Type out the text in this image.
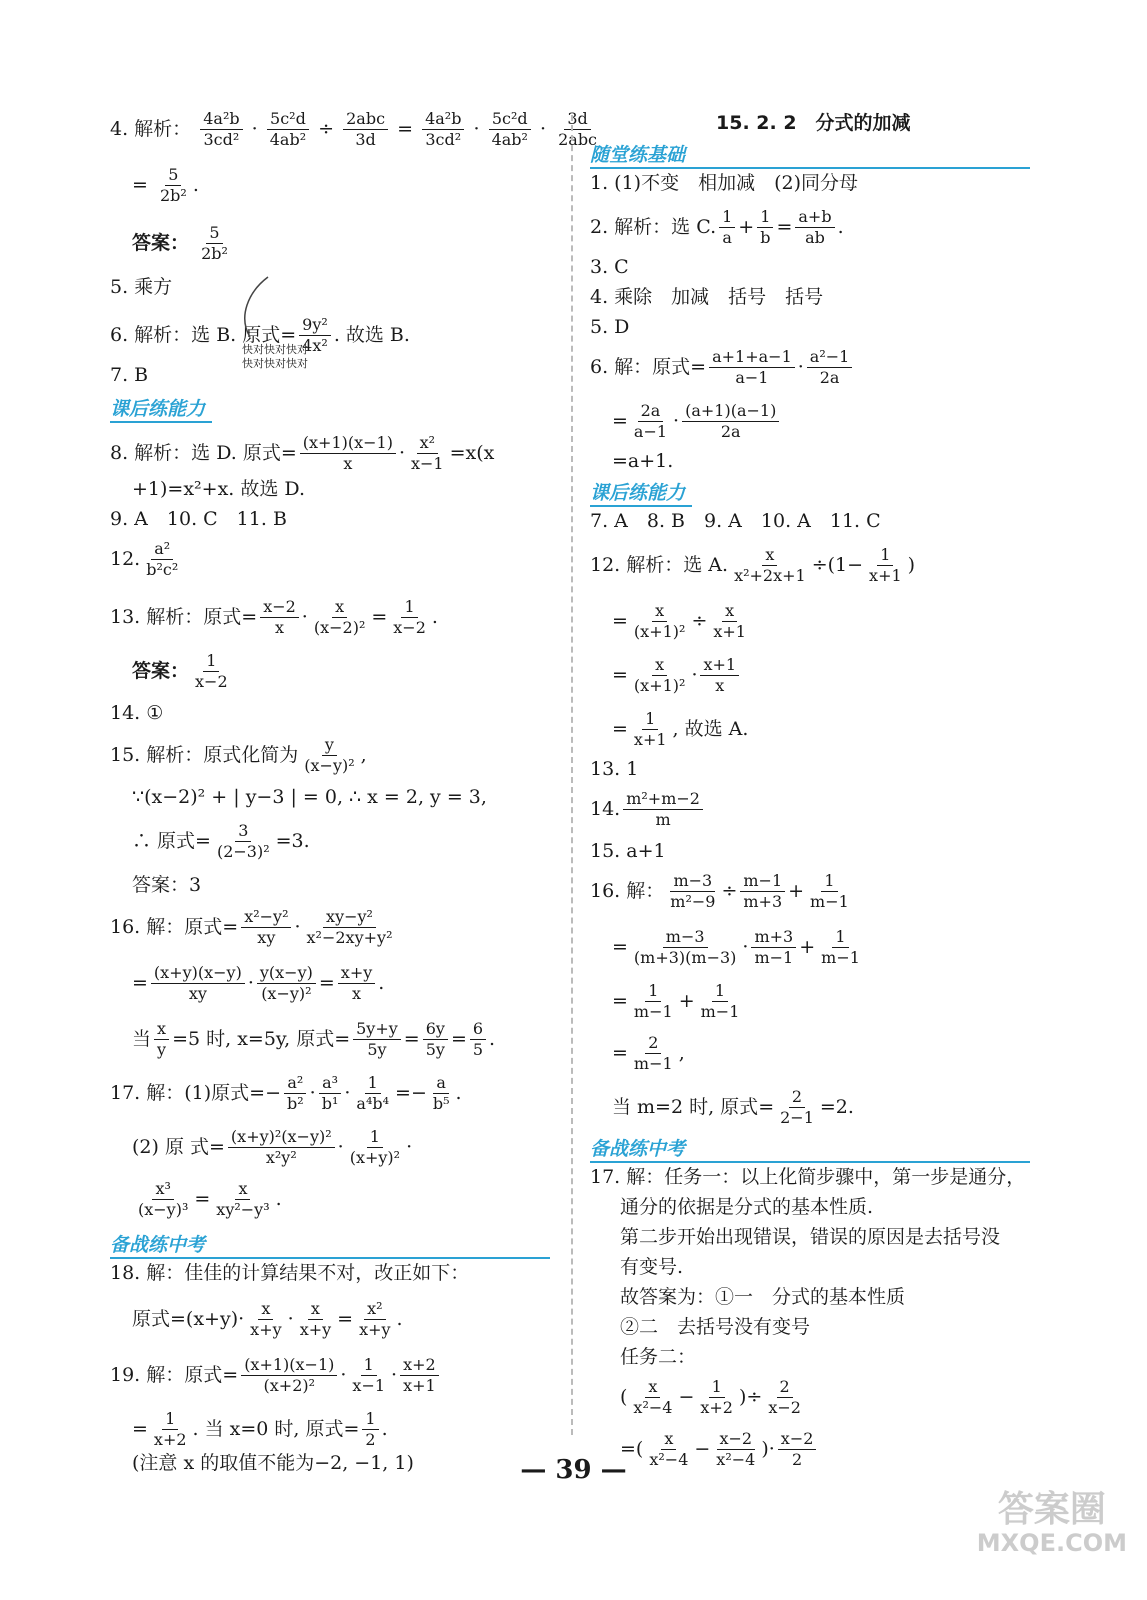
4. 解析： $\frac{\text{4a²b}}{\text{3cd²}} \cdot \frac{\text{5c²d}}{\text{4ab²}} \div \frac{\text{2abc}}{3d} = \frac{\text{4a²b}}{\text{3cd²}} \cdot \frac{\text{5c²d}}{\text{4ab²}} \cdot \frac{3d}{\text{2abc}}$
= $\frac{5}{\text{2b²}}$ .
答案： $\frac{5}{\text{2b²}}$
5. 乘方
6. 解析：选 B. 原式= $\frac{\text{9y²}}{\text{4x²}}$ . 故选 B.
快对快对快对
快对快对快对
7. B
课后练能力
8. 解析：选 D. 原式= $\frac{(x+1)(x-1)}{x} \cdot \frac{\text{x²}}{x-1} =x(x$
+1)=x²+x. 故选 D.
9. A　10. C　11. B
12. $\frac{\text{a²}}{\text{b²c²}}$
13. 解析：原式= $\frac{x-2}{x} \cdot \frac{x}{\text{(x−2)²}} = \frac{1}{x-2}$ .
答案： $\frac{1}{x-2}$
14. ①
15. 解析：原式化简为 $\frac{y}{\text{(x−y)²}}$ ,
∵(x−2)² + | y−3 | = 0, ∴ x = 2, y = 3,
∴ 原式= $\frac{3}{\text{(2−3)²}} =3$.
答案：3
16. 解：原式= $\frac{\text{x²−y²}}{xy} \cdot \frac{\text{xy−y²}}{\text{x²−2xy+y²}}$
= $\frac{(x+y)(x-y)}{xy} \cdot \frac{y(x-y)}{\text{(x−y)²}} = \frac{x+y}{x}$ .
当 $\frac{x}{y} =5$ 时, x=5y, 原式= $\frac{5y+y}{5y} = \frac{6y}{5y} = \frac{6}{5}$ .
17. 解：(1)原式=− $\frac{\text{a²}}{\text{b²}} \cdot \frac{\text{a³}}{\text{b¹}} \cdot \frac{1}{\text{a⁴b⁴}} =- \frac{a}{\text{b⁵}}$ .
(2) 原 式= $\frac{\text{(x+y)²(x−y)²}}{\text{x²y²}} \cdot \frac{1}{\text{(x+y)²}}$ ·
$\frac{\text{x³}}{\text{(x−y)³}} = \frac{x}{\text{xy²−y³}}$ .
备战练中考
18. 解：佳佳的计算结果不对，改正如下：
原式$=(x+y)\cdot \frac{x}{x+y} \cdot \frac{x}{x+y} = \frac{\text{x²}}{x+y}$ .
19. 解：原式= $\frac{(x+1)(x-1)}{\text{(x+2)²}} \cdot \frac{1}{x-1} \cdot \frac{x+2}{x+1}$
= $\frac{1}{x+2}$ . 当 x=0 时, 原式= $\frac{1}{2}$ .
(注意 x 的取值不能为−2, −1, 1)
15. 2. 2　分式的加减
随堂练基础
1. (1)不变　相加减　(2)同分母
2. 解析：选 C. $\frac{1}{a} + \frac{1}{b} = \frac{a+b}{ab}$ .
3. C
4. 乘除　加减　括号　括号
5. D
6. 解：原式= $\frac{a+1+a-1}{a-1} \cdot \frac{\text{a²−1}}{2a}$
= $\frac{2a}{a-1} \cdot \frac{(a+1)(a-1)}{2a}$
=a+1.
课后练能力
7. A　8. B　9. A　10. A　11. C
12. 解析：选 A. $\frac{x}{\text{x²+2x+1}} \div(1- \frac{1}{x+1}$ )
= $\frac{x}{\text{(x+1)²}} \div \frac{x}{x+1}$
= $\frac{x}{\text{(x+1)²}} \cdot \frac{x+1}{x}$
= $\frac{1}{x+1}$ , 故选 A.
13. 1
14. $\frac{\text{m²+m−2}}{m}$
15. a+1
16. 解： $\frac{m-3}{\text{m²−9}} \div \frac{m-1}{m+3} + \frac{1}{m-1}$
= $\frac{m-3}{(m+3)(m-3)} \cdot \frac{m+3}{m-1} + \frac{1}{m-1}$
= $\frac{1}{m-1} + \frac{1}{m-1}$
= $\frac{2}{m-1}$ ,
当 m=2 时, 原式= $\frac{2}{2-1} =2$.
备战练中考
17. 解：任务一：以上化简步骤中，第一步是通分，
通分的依据是分式的基本性质.
第二步开始出现错误，错误的原因是去括号没
有变号.
故答案为：①一　分式的基本性质
②二　去括号没有变号
任务二：
( $\frac{x}{\text{x²−4}} - \frac{1}{x+2}$ )÷ $\frac{2}{x-2}$
=( $\frac{x}{\text{x²−4}} - \frac{x-2}{\text{x²−4}}$ )· $\frac{x-2}{2}$
— 39 —
答案圈
MXQE.COM
